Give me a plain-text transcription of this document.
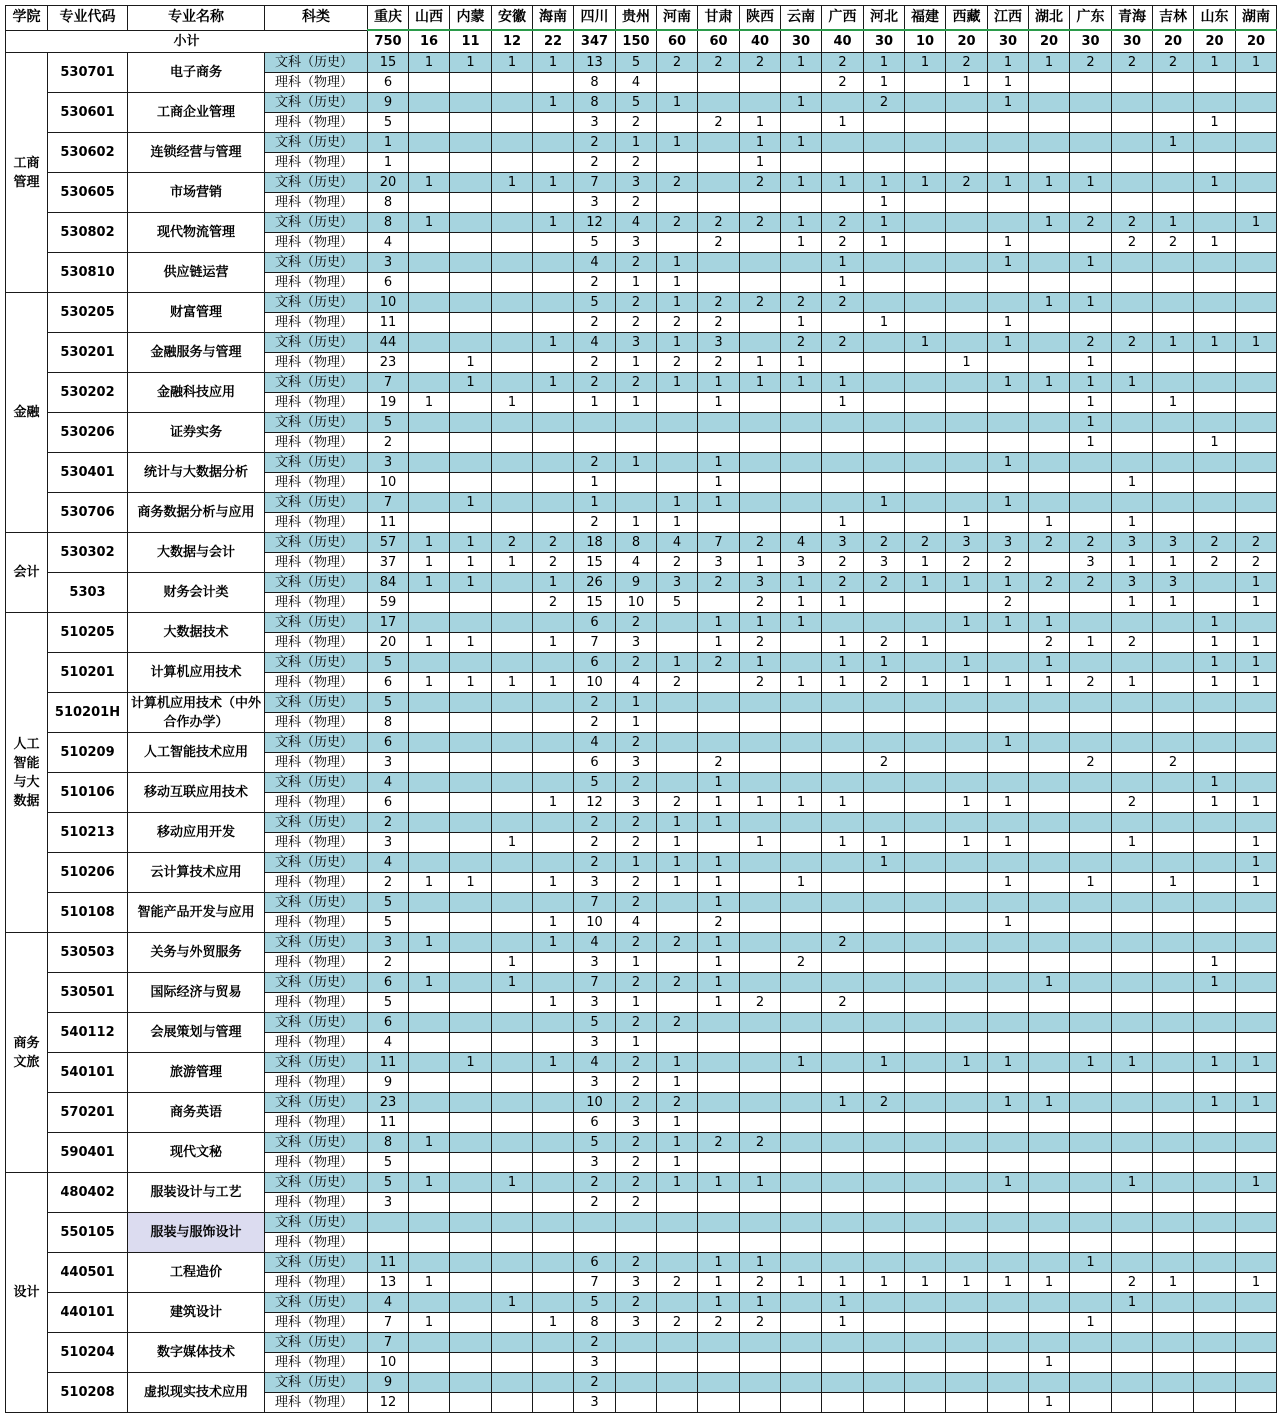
学院	专业代码	专业名称	科类	重庆	山西	内蒙	安徽	海南	四川	贵州	河南	甘肃	陕西	云南	广西	河北	福建	西藏	江西	湖北	广东	青海	吉林	山东	湖南
小计				750	16	11	12	22	347	150	60	60	40	30	40	30	10	20	30	20	30	30	20	20	20
工商管理	530701	电子商务	文科（历史）	15	1	1	1	1	13	5	2	2	2	1	2	1	1	2	1	1	2	2	2	1	1
			理科（物理）	6					8	4					2	1		1	1						
	530601	工商企业管理	文科（历史）	9				1	8	5	1			1		2			1						
			理科（物理）	5					3	2		2	1		1									1	
	530602	连锁经营与管理	文科（历史）	1					2	1	1		1	1									1		
			理科（物理）	1					2	2			1												
	530605	市场营销	文科（历史）	20	1		1	1	7	3	2		2	1	1	1	1	2	1	1	1			1	
			理科（物理）	8					3	2						1									
	530802	现代物流管理	文科（历史）	8	1			1	12	4	2	2	2	1	2	1				1	2	2	1		1
			理科（物理）	4					5	3		2		1	2	1			1			2	2	1	
	530810	供应链运营	文科（历史）	3					4	2	1				1				1		1				
			理科（物理）	6					2	1	1				1										
金融	530205	财富管理	文科（历史）	10					5	2	1	2	2	2	2					1	1				
			理科（物理）	11					2	2	2	2		1		1			1						
	530201	金融服务与管理	文科（历史）	44				1	4	3	1	3		2	2		1		1		2	2	1	1	1
			理科（物理）	23		1			2	1	2	2	1	1				1			1				
	530202	金融科技应用	文科（历史）	7		1		1	2	2	1	1	1	1	1				1	1	1	1			
			理科（物理）	19	1		1		1	1		1			1						1		1		
	530206	证券实务	文科（历史）	5																	1				
			理科（物理）	2																	1			1	
	530401	统计与大数据分析	文科（历史）	3					2	1		1							1						
			理科（物理）	10					1			1										1			
	530706	商务数据分析与应用	文科（历史）	7		1			1		1	1				1			1						
			理科（物理）	11					2	1	1				1			1		1		1			
会计	530302	大数据与会计	文科（历史）	57	1	1	2	2	18	8	4	7	2	4	3	2	2	3	3	2	2	3	3	2	2
			理科（物理）	37	1	1	1	2	15	4	2	3	1	3	2	3	1	2	2		3	1	1	2	2
	5303	财务会计类	文科（历史）	84	1	1		1	26	9	3	2	3	1	2	2	1	1	1	2	2	3	3		1
			理科（物理）	59				2	15	10	5		2	1	1				2			1	1		1
人工智能与大数据	510205	大数据技术	文科（历史）	17					6	2		1	1	1				1	1	1				1	
			理科（物理）	20	1	1		1	7	3		1	2		1	2	1			2	1	2		1	1
	510201	计算机应用技术	文科（历史）	5					6	2	1	2	1		1	1		1		1				1	1
			理科（物理）	6	1	1	1	1	10	4	2		2	1	1	2	1	1	1	1	2	1		1	1
	510201H	计算机应用技术（中外合作办学）	文科（历史）	5					2	1															
			理科（物理）	8					2	1															
	510209	人工智能技术应用	文科（历史）	6					4	2									1						
			理科（物理）	3					6	3		2				2					2		2		
	510106	移动互联应用技术	文科（历史）	4					5	2		1												1	
			理科（物理）	6				1	12	3	2	1	1	1	1			1	1			2		1	1
	510213	移动应用开发	文科（历史）	2					2	2	1	1													
			理科（物理）	3			1		2	2	1		1		1	1		1	1			1			1
	510206	云计算技术应用	文科（历史）	4					2	1	1	1				1									1
			理科（物理）	2	1	1		1	3	2	1	1		1					1		1		1		1
	510108	智能产品开发与应用	文科（历史）	5					7	2		1													
			理科（物理）	5				1	10	4		2							1						
商务文旅	530503	关务与外贸服务	文科（历史）	3	1			1	4	2	2	1			2										
			理科（物理）	2			1		3	1		1		2										1	
	530501	国际经济与贸易	文科（历史）	6	1		1		7	2	2	1								1				1	
			理科（物理）	5				1	3	1		1	2		2										
	540112	会展策划与管理	文科（历史）	6					5	2	2														
			理科（物理）	4					3	1															
	540101	旅游管理	文科（历史）	11		1		1	4	2	1			1		1		1	1		1	1		1	1
			理科（物理）	9					3	2	1														
	570201	商务英语	文科（历史）	23					10	2	2				1	2			1	1				1	1
			理科（物理）	11					6	3	1														
	590401	现代文秘	文科（历史）	8	1				5	2	1	2	2												
			理科（物理）	5					3	2	1														
设计	480402	服装设计与工艺	文科（历史）	5	1		1		2	2	1	1	1						1			1			1
			理科（物理）	3					2	2															
	550105	服装与服饰设计	文科（历史）																						
			理科（物理）																						
	440501	工程造价	文科（历史）	11					6	2		1	1								1				
			理科（物理）	13	1				7	3	2	1	2	1	1	1	1	1	1	1		2	1		1
	440101	建筑设计	文科（历史）	4			1		5	2		1	1		1							1			
			理科（物理）	7	1			1	8	3	2	2	2		1						1				
	510204	数字媒体技术	文科（历史）	7					2																
			理科（物理）	10					3											1					
	510208	虚拟现实技术应用	文科（历史）	9					2																
			理科（物理）	12					3											1					
